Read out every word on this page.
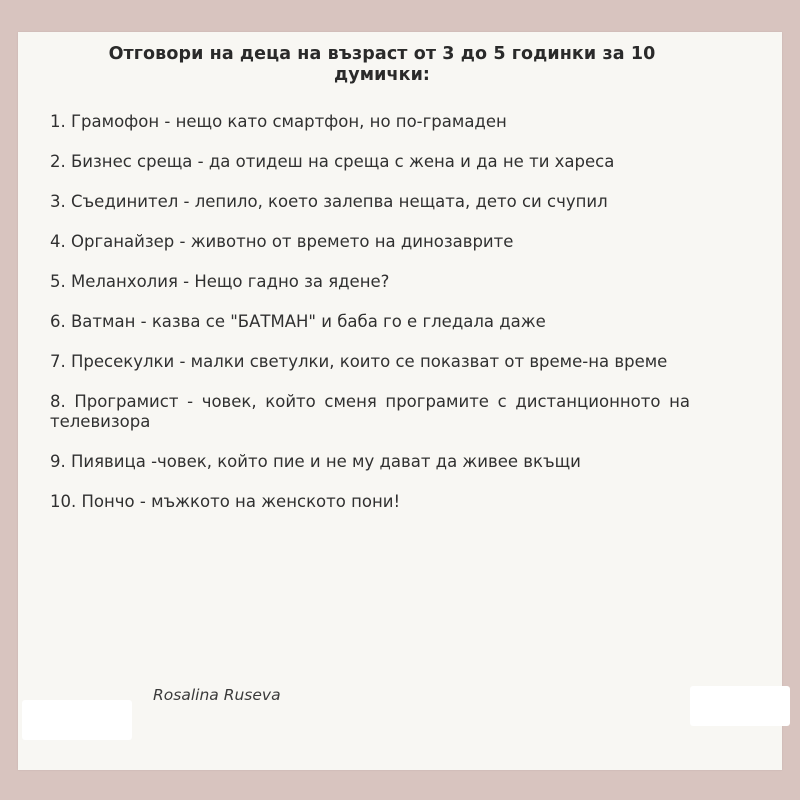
Отговори на деца на възраст от 3 до 5 годинки за 10 думички:
1. Грамофон - нещо като смартфон, но по-грамаден
2. Бизнес среща - да отидеш на среща с жена и да не ти хареса
3. Съединител - лепило, което залепва нещата, дето си счупил
4. Органайзер - животно от времето на динозаврите
5. Меланхолия - Нещо гадно за ядене?
6. Ватман - казва се "БАТМАН" и баба го е гледала даже
7. Пресекулки - малки светулки, които се показват от време-на време
8. Програмист - човек, който сменя програмите с дистанционното на телевизора
9. Пиявица -човек, който пие и не му дават да живее вкъщи
10. Пончо - мъжкото на женското пони!
Rosalina Ruseva
